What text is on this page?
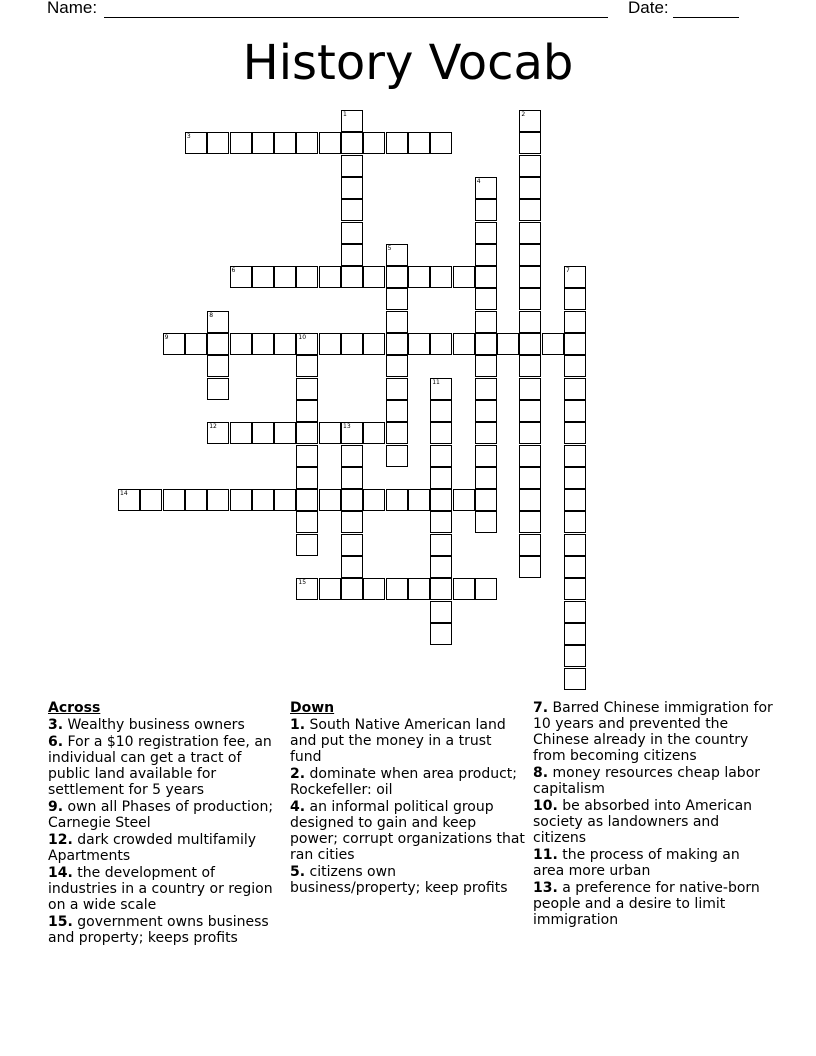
Name:	Date:
History Vocab
1	2
3
4
5
6	7
8
9	10
11
12	13
14
15
Across
3. Wealthy business owners
6. For a $10 registration fee, an individual can get a tract of public land available for settlement for 5 years
9. own all Phases of production; Carnegie Steel
12. dark crowded multifamily Apartments
14. the development of industries in a country or region on a wide scale
15. government owns business and property; keeps profits
Down
1. South Native American land and put the money in a trust fund
2. dominate when area product; Rockefeller: oil
4. an informal political group designed to gain and keep power; corrupt organizations that ran cities
5. citizens own business/property; keep profits
7. Barred Chinese immigration for 10 years and prevented the Chinese already in the country from becoming citizens
8. money resources cheap labor capitalism
10. be absorbed into American society as landowners and citizens
11. the process of making an area more urban
13. a preference for native-born people and a desire to limit immigration
